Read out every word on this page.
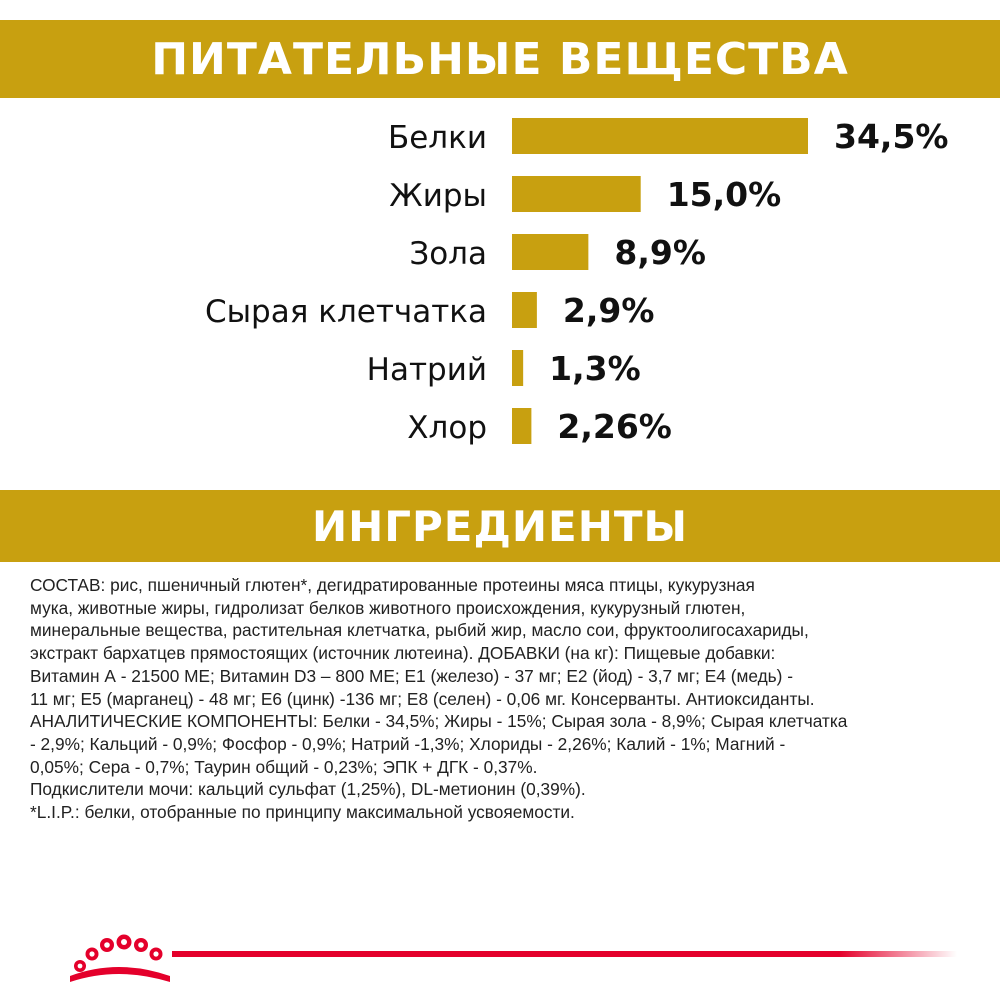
ПИТАТЕЛЬНЫЕ ВЕЩЕСТВА
Белки	34,5%
Жиры	15,0%
Зола	8,9%
Сырая клетчатка 2,9%
Натрий 1,3%
Хлор 2,26%
ИНГРЕДИЕНТЫ

СОСТАВ: рис, пшеничный глютен*, дегидратированные протеины мяса птицы, кукурузная

мука, животные жиры, гидролизат белков животного происхождения, кукурузный глютен,

минеральные вещества, растительная клетчатка, рыбий жир, масло сои, фруктоолигосахариды,

экстракт бархатцев прямостоящих (источник лютеина). ДОБАВКИ (на кг): Пищевые добавки:

Витамин А - 21500 МЕ; Витамин D3 – 800 МЕ; E1 (железо) - 37 мг; E2 (йод) - 3,7 мг; E4 (медь) -

11 мг; E5 (марганец) - 48 мг; E6 (цинк) -136 мг; E8 (селен) - 0,06 мг. Консерванты. Антиоксиданты.

АНАЛИТИЧЕСКИЕ КОМПОНЕНТЫ: Белки - 34,5%; Жиры - 15%; Сырая зола - 8,9%; Сырая клетчатка

- 2,9%; Кальций - 0,9%; Фосфор - 0,9%; Натрий -1,3%; Хлориды - 2,26%; Калий - 1%; Магний -

0,05%; Сера - 0,7%; Таурин общий - 0,23%; ЭПК + ДГК - 0,37%.

Подкислители мочи: кальций сульфат (1,25%), DL-метионин (0,39%).

*L.I.P.: белки, отобранные по принципу максимальной усвояемости.
